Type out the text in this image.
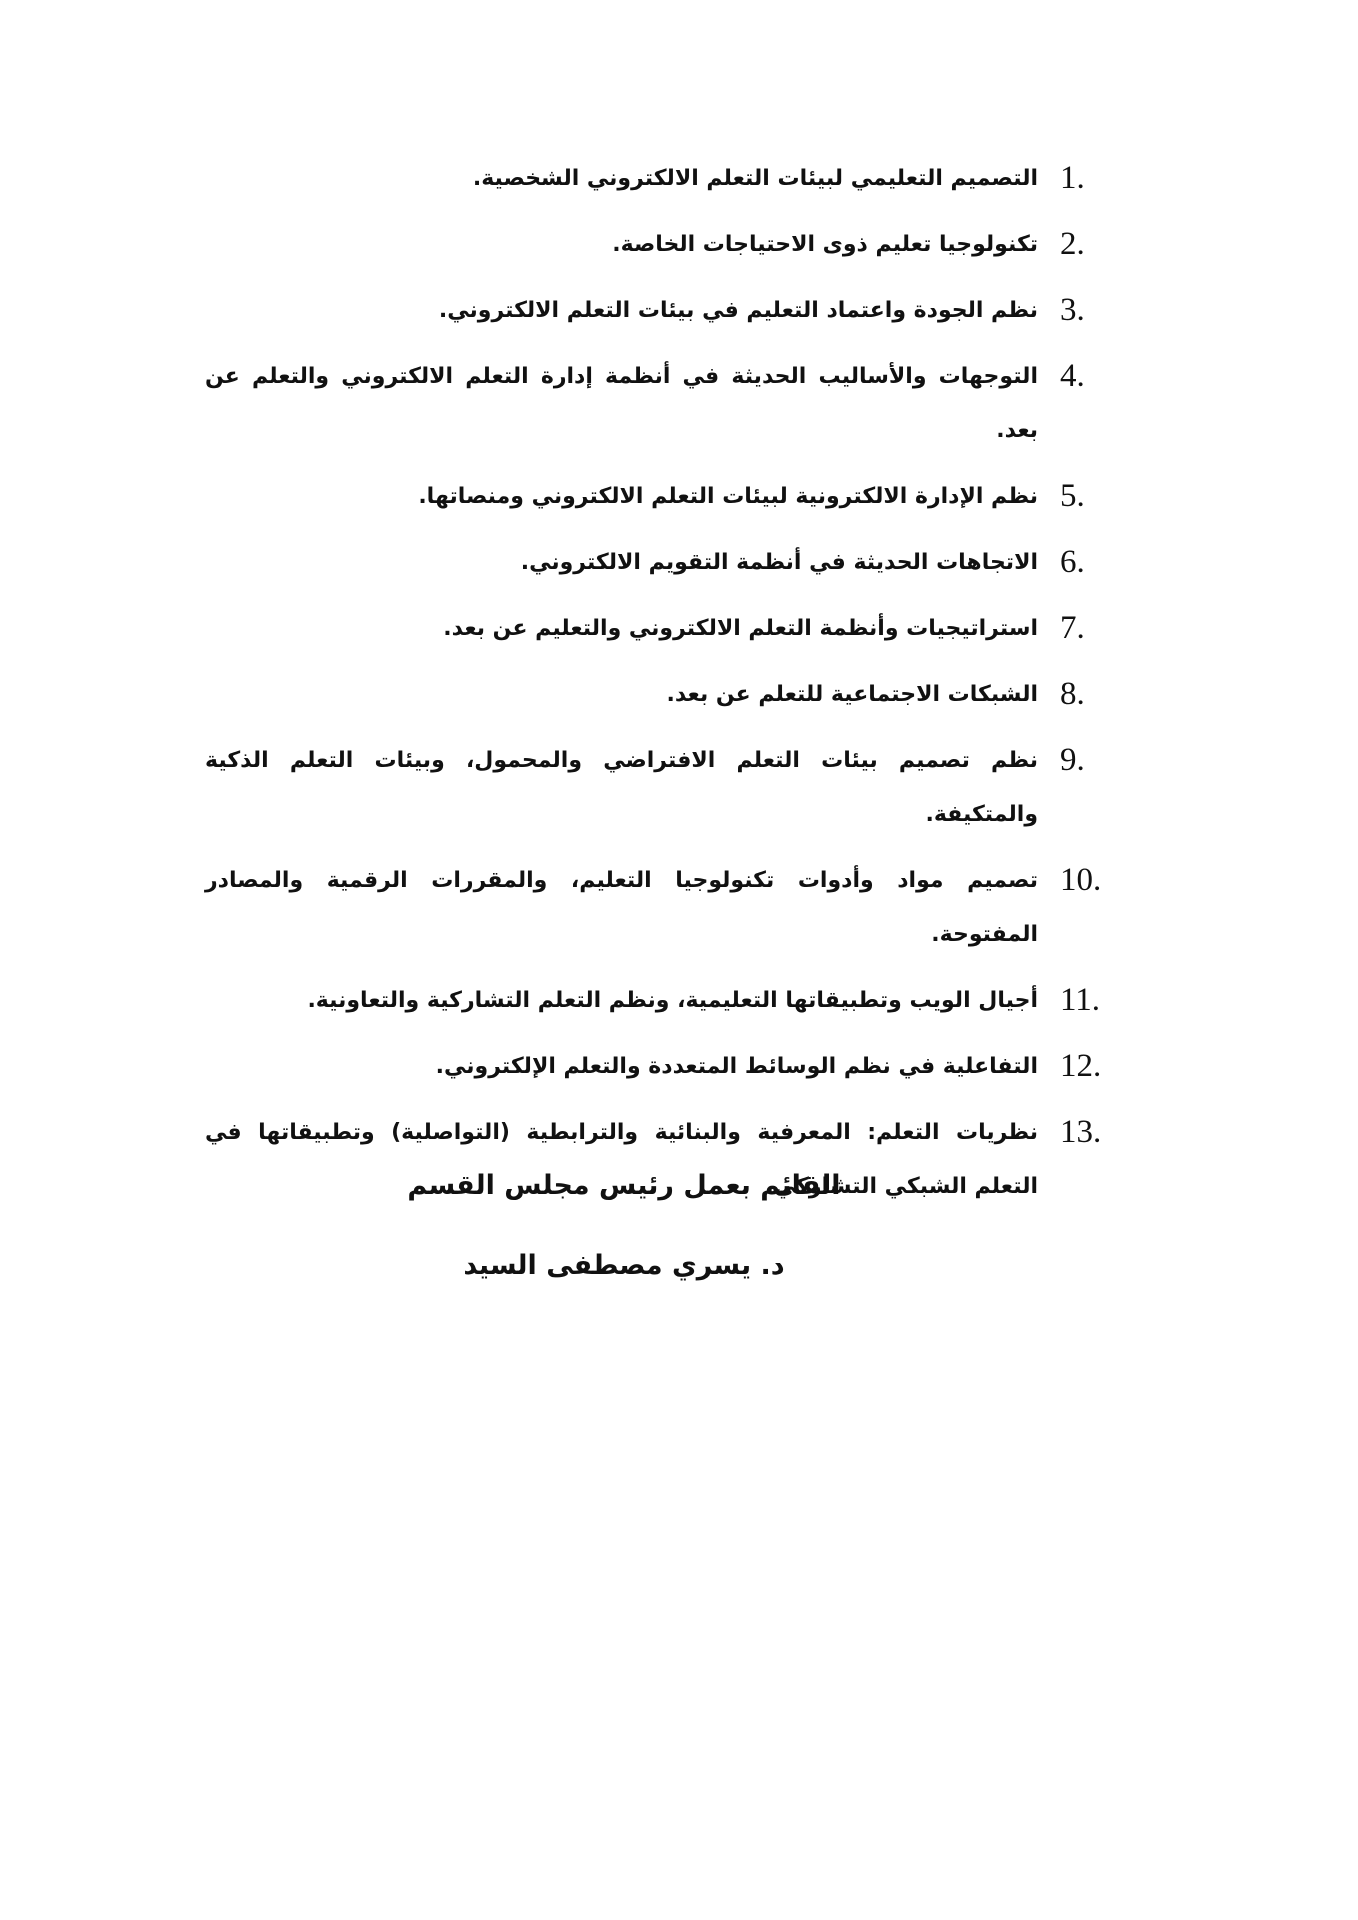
1.
التصميم التعليمي لبيئات التعلم الالكتروني الشخصية.
2.
تكنولوجيا تعليم ذوى الاحتياجات الخاصة.
3.
نظم الجودة واعتماد التعليم في بيئات التعلم الالكتروني.
4.
التوجهات والأساليب الحديثة في أنظمة إدارة التعلم الالكتروني والتعلم عن بعد.
5.
نظم الإدارة الالكترونية لبيئات التعلم الالكتروني ومنصاتها.
6.
الاتجاهات الحديثة في أنظمة التقويم الالكتروني.
7.
استراتيجيات وأنظمة التعلم الالكتروني والتعليم عن بعد.
8.
الشبكات الاجتماعية للتعلم عن بعد.
9.
نظم تصميم بيئات التعلم الافتراضي والمحمول، وبيئات التعلم الذكية والمتكيفة.
10.
تصميم مواد وأدوات تكنولوجيا التعليم، والمقررات الرقمية والمصادر المفتوحة.
11.
أجيال الويب وتطبيقاتها التعليمية، ونظم التعلم التشاركية والتعاونية.
12.
التفاعلية في نظم الوسائط المتعددة والتعلم الإلكتروني.
13.
نظريات التعلم: المعرفية والبنائية والترابطية (التواصلية) وتطبيقاتها في التعلم الشبكي التشاركي.
القائم بعمل رئيس مجلس القسم
د. يسري مصطفى السيد
